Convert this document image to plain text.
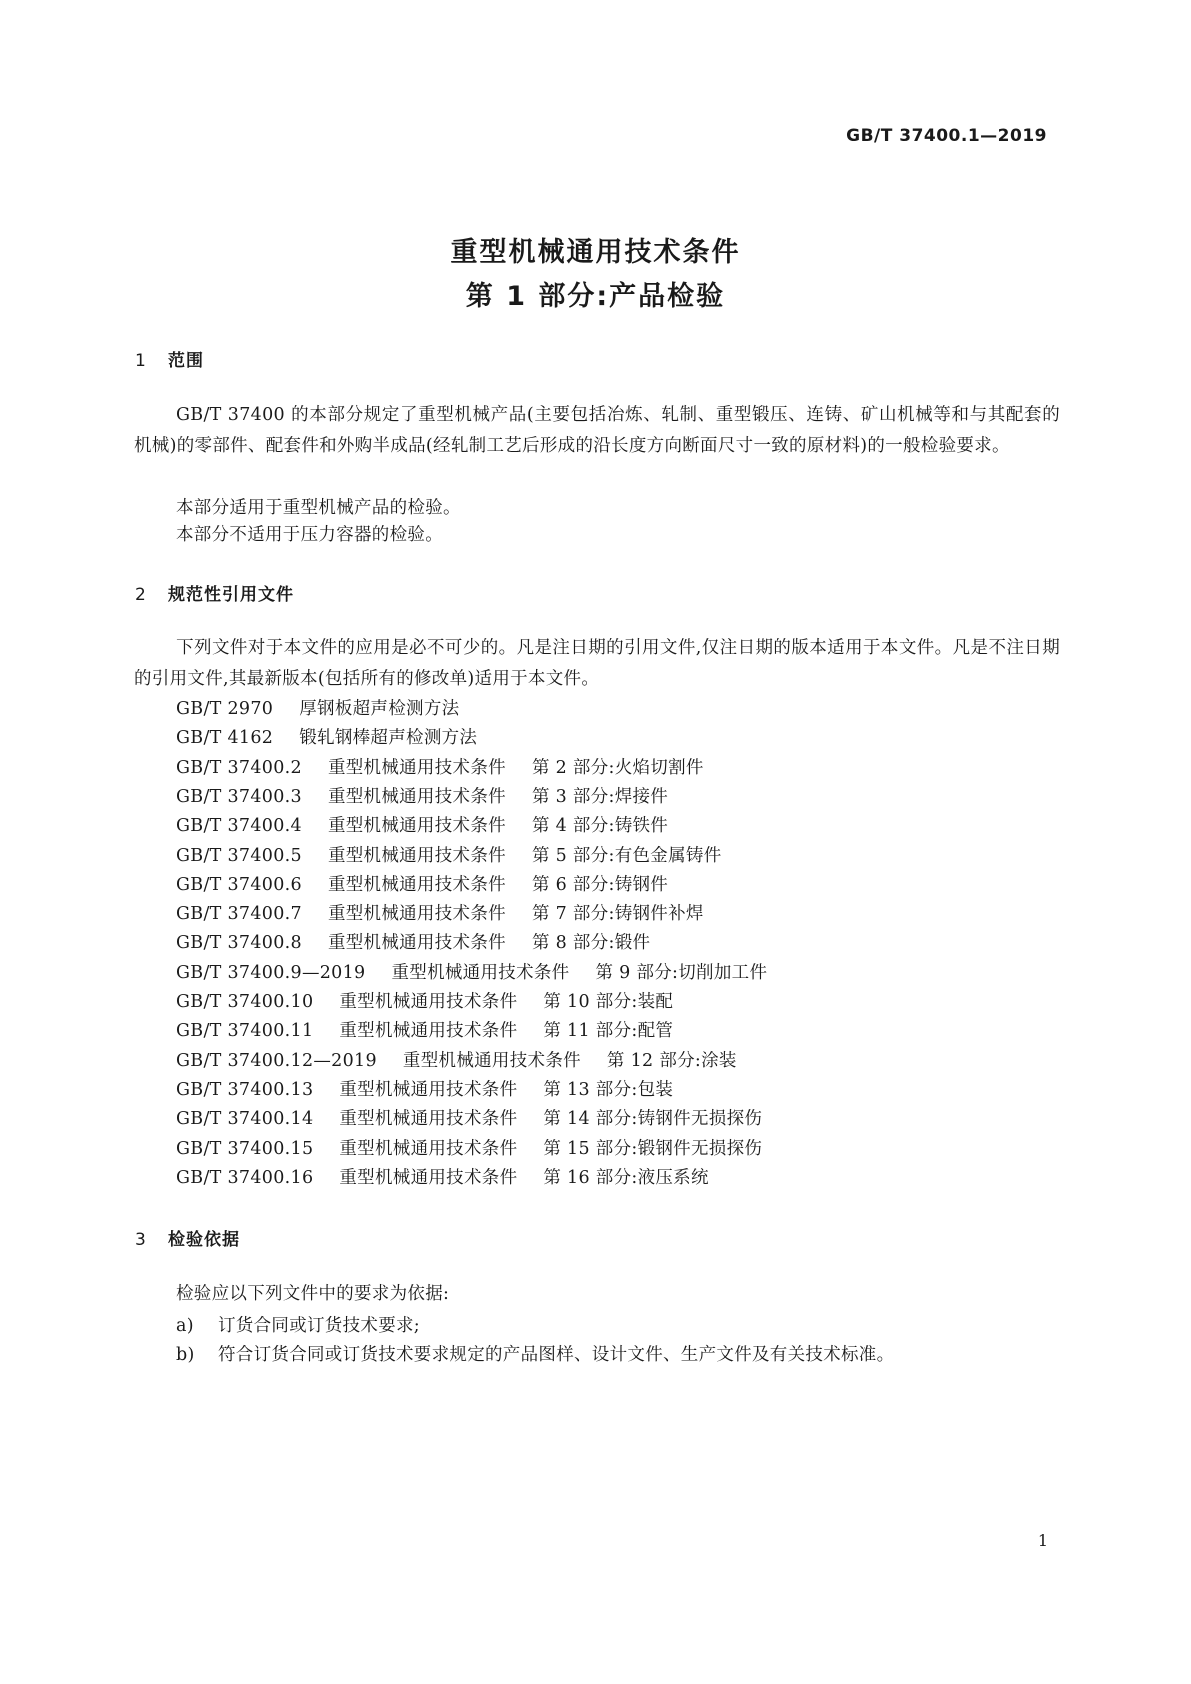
GB/T 37400.1—2019
重型机械通用技术条件
第 1 部分:产品检验
1 范围
GB/T 37400 的本部分规定了重型机械产品(主要包括冶炼、轧制、重型锻压、连铸、矿山机械等和与其配套的机械)的零部件、配套件和外购半成品(经轧制工艺后形成的沿长度方向断面尺寸一致的原材料)的一般检验要求。
本部分适用于重型机械产品的检验。
本部分不适用于压力容器的检验。
2 规范性引用文件
下列文件对于本文件的应用是必不可少的。凡是注日期的引用文件,仅注日期的版本适用于本文件。凡是不注日期的引用文件,其最新版本(包括所有的修改单)适用于本文件。
GB/T 2970 厚钢板超声检测方法
GB/T 4162 锻轧钢棒超声检测方法
GB/T 37400.2 重型机械通用技术条件 第 2 部分:火焰切割件
GB/T 37400.3 重型机械通用技术条件 第 3 部分:焊接件
GB/T 37400.4 重型机械通用技术条件 第 4 部分:铸铁件
GB/T 37400.5 重型机械通用技术条件 第 5 部分:有色金属铸件
GB/T 37400.6 重型机械通用技术条件 第 6 部分:铸钢件
GB/T 37400.7 重型机械通用技术条件 第 7 部分:铸钢件补焊
GB/T 37400.8 重型机械通用技术条件 第 8 部分:锻件
GB/T 37400.9—2019 重型机械通用技术条件 第 9 部分:切削加工件
GB/T 37400.10 重型机械通用技术条件 第 10 部分:装配
GB/T 37400.11 重型机械通用技术条件 第 11 部分:配管
GB/T 37400.12—2019 重型机械通用技术条件 第 12 部分:涂装
GB/T 37400.13 重型机械通用技术条件 第 13 部分:包装
GB/T 37400.14 重型机械通用技术条件 第 14 部分:铸钢件无损探伤
GB/T 37400.15 重型机械通用技术条件 第 15 部分:锻钢件无损探伤
GB/T 37400.16 重型机械通用技术条件 第 16 部分:液压系统
3 检验依据
检验应以下列文件中的要求为依据:
a) 订货合同或订货技术要求;
b) 符合订货合同或订货技术要求规定的产品图样、设计文件、生产文件及有关技术标准。
1
